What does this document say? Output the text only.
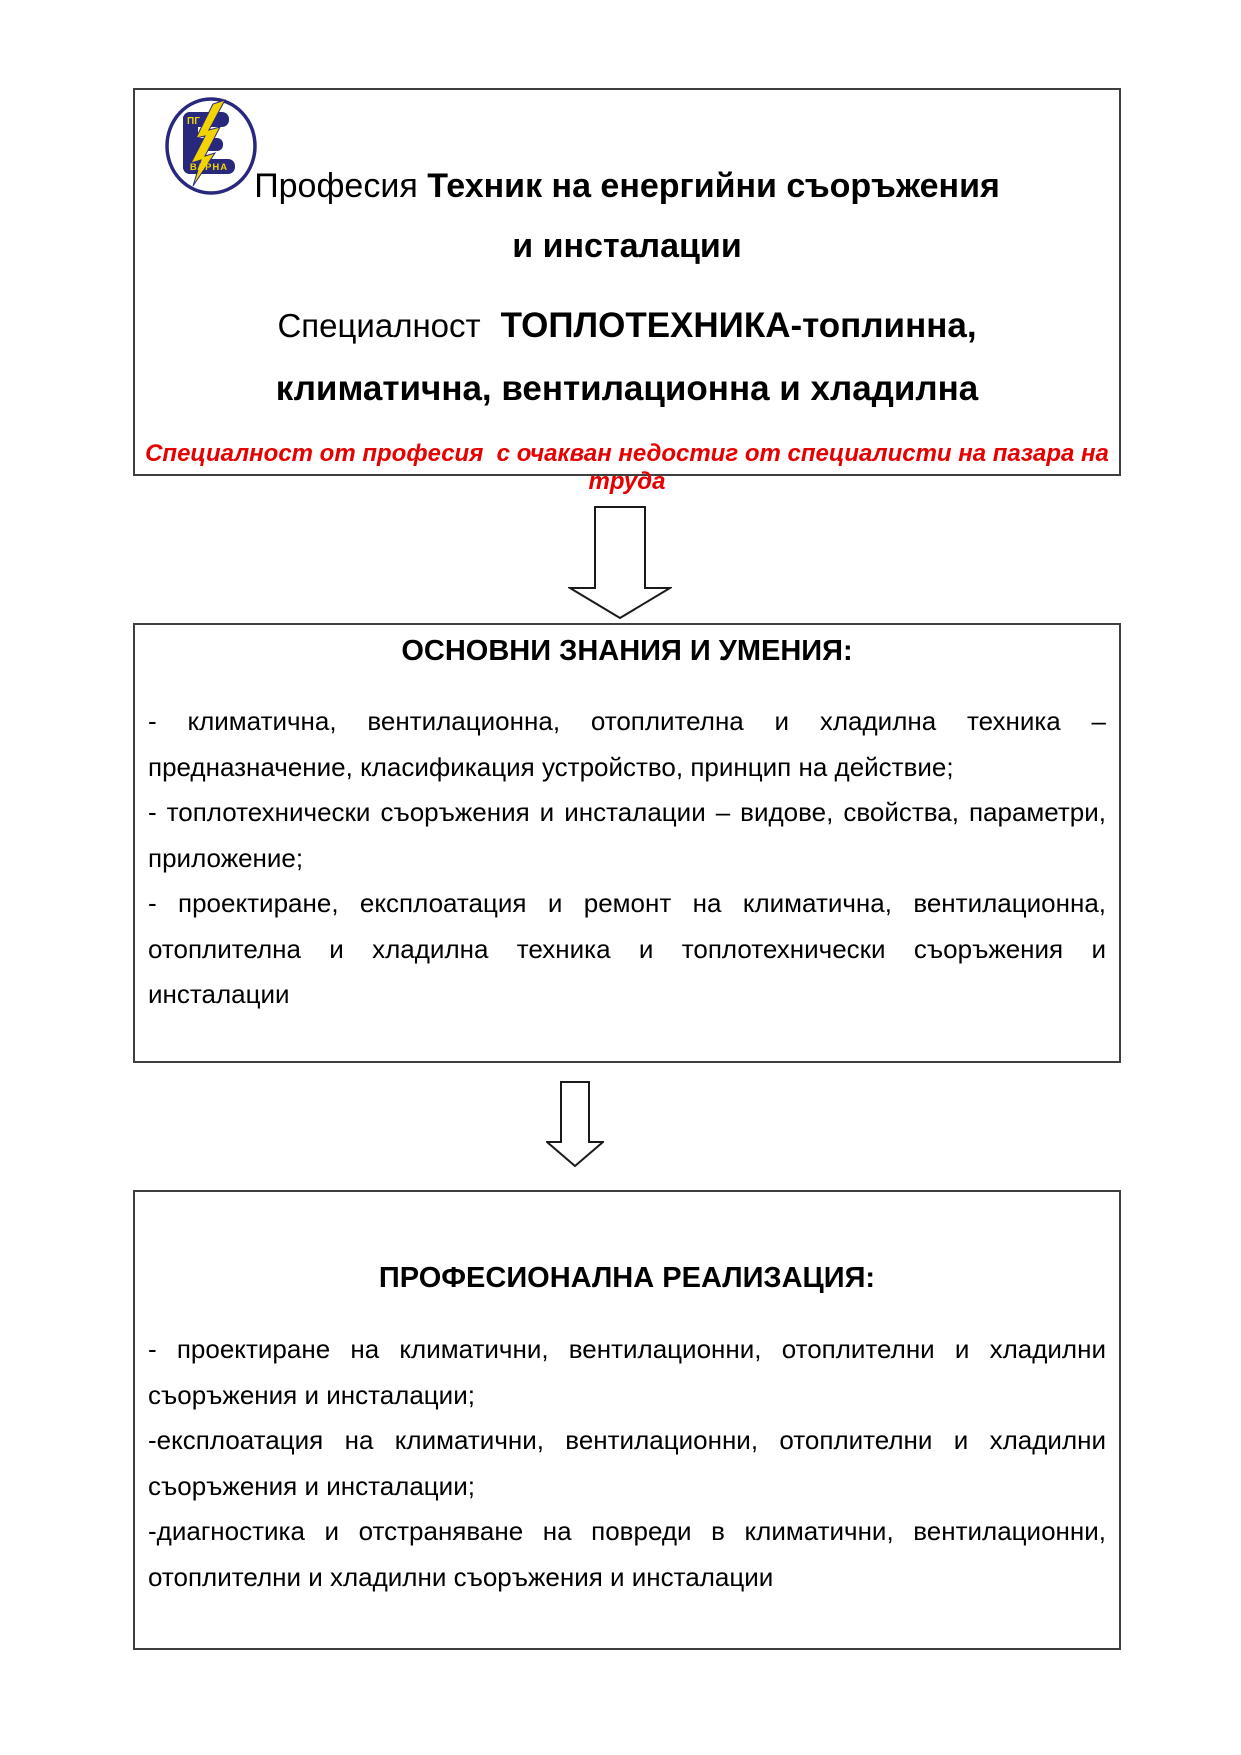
ПГ
ВАРНА Професия Техник на енергийни съоръжения
и инсталации
Специалност ТОПЛОТЕХНИКА-топлинна,
климатична, вентилационна и хладилна
Специалност от професия  с очакван недостиг от специалисти на пазара на труда
ОСНОВНИ ЗНАНИЯ И УМЕНИЯ:

- климатична, вентилационна, отоплителна и хладилна техника – предназначение, класификация устройство, принцип на действие;

- топлотехнически съоръжения и инсталации – видове, свойства, параметри, приложение;

- проектиране, експлоатация и ремонт на климатична, вентилационна, отоплителна и хладилна техника и топлотехнически съоръжения и инсталации

ПРОФЕСИОНАЛНА РЕАЛИЗАЦИЯ:

- проектиране на климатични, вентилационни, отоплителни и хладилни съоръжения и инсталации;

-експлоатация на климатични, вентилационни, отоплителни и хладилни съоръжения и инсталации;

-диагностика и отстраняване на повреди в климатични, вентилационни, отоплителни и хладилни съоръжения и инсталации
